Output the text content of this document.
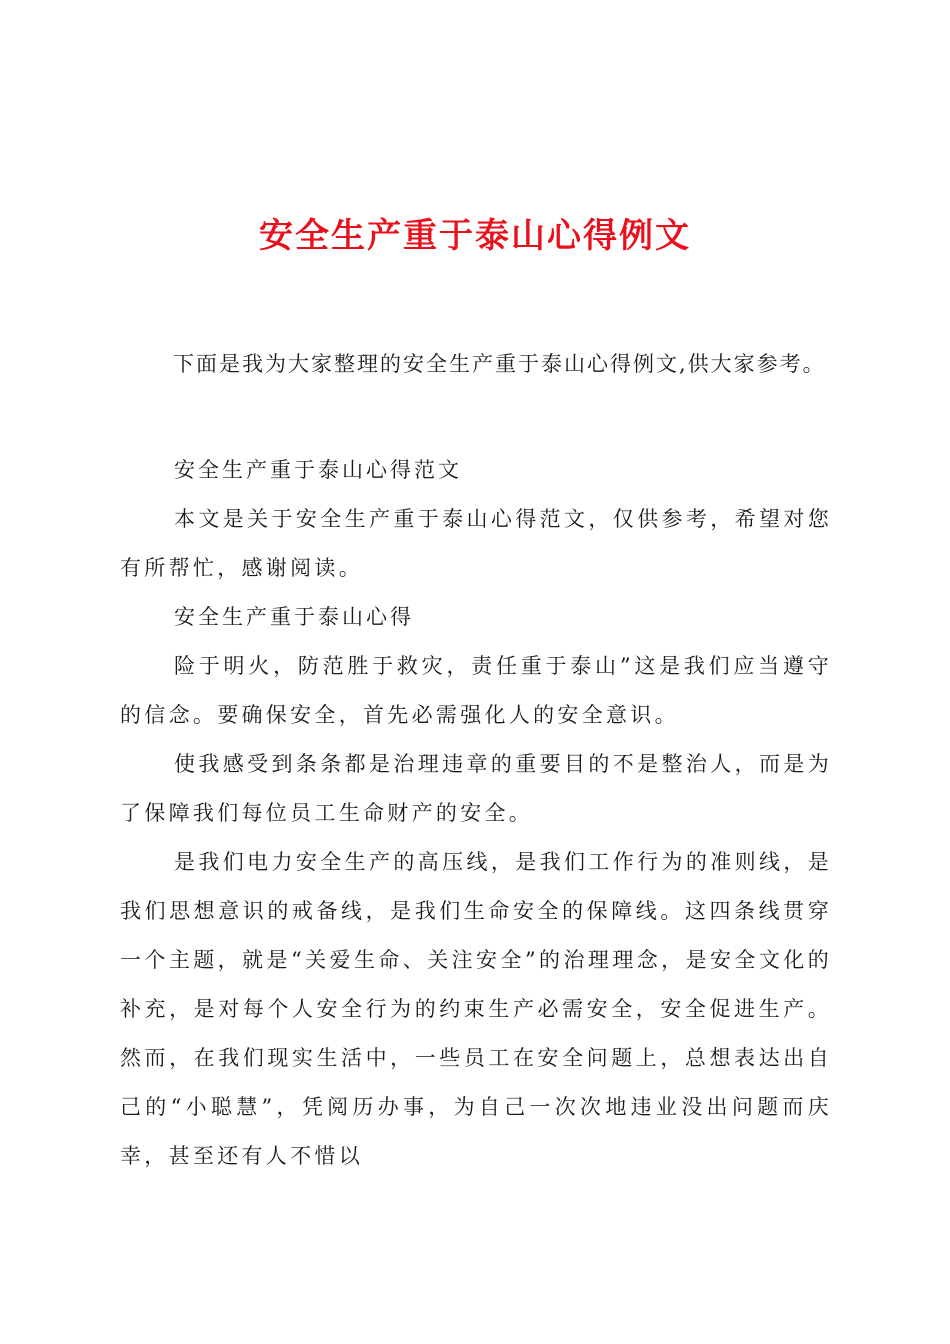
安全生产重于泰山心得例文
下面是我为大家整理的安全生产重于泰山心得例文,供大家参考。

安全生产重于泰山心得范文

本文是关于安全生产重于泰山心得范文，仅供参考，希望对您有所帮忙，感谢阅读。

安全生产重于泰山心得

险于明火，防范胜于救灾，责任重于泰山”这是我们应当遵守的信念。要确保安全，首先必需强化人的安全意识。

使我感受到条条都是治理违章的重要目的不是整治人，而是为了保障我们每位员工生命财产的安全。

是我们电力安全生产的高压线，是我们工作行为的准则线，是我们思想意识的戒备线，是我们生命安全的保障线。这四条线贯穿一个主题，就是“关爱生命、关注安全”的治理理念，是安全文化的补充，是对每个人安全行为的约束生产必需安全，安全促进生产。然而，在我们现实生活中，一些员工在安全问题上，总想表达出自己的“小聪慧”，凭阅历办事，为自己一次次地违业没出问题而庆幸，甚至还有人不惜以
